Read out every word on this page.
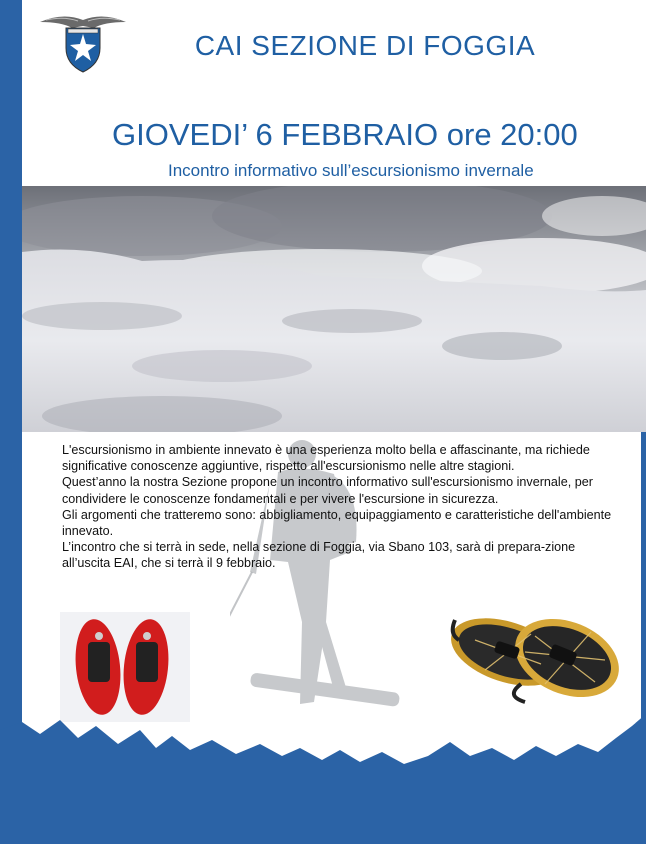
CAI SEZIONE DI FOGGIA
GIOVEDI’ 6 FEBBRAIO ore 20:00
Incontro informativo sull’escursionismo invernale

L'escursionismo in ambiente innevato è una esperienza molto bella e affascinante, ma richiede significative conoscenze aggiuntive, rispetto all'escursionismo nelle altre stagioni.

Quest’anno la nostra Sezione propone un incontro informativo sull'escursionismo invernale, per condividere le conoscenze fondamentali e per vivere l'escursione in sicurezza.

Gli argomenti che tratteremo sono: abbigliamento, equipaggiamento e caratteristiche dell'ambiente innevato.

L’incontro che si terrà in sede, nella sezione di Foggia, via Sbano 103, sarà di prepara-zione all’uscita EAI, che si terrà il 9 febbraio.
